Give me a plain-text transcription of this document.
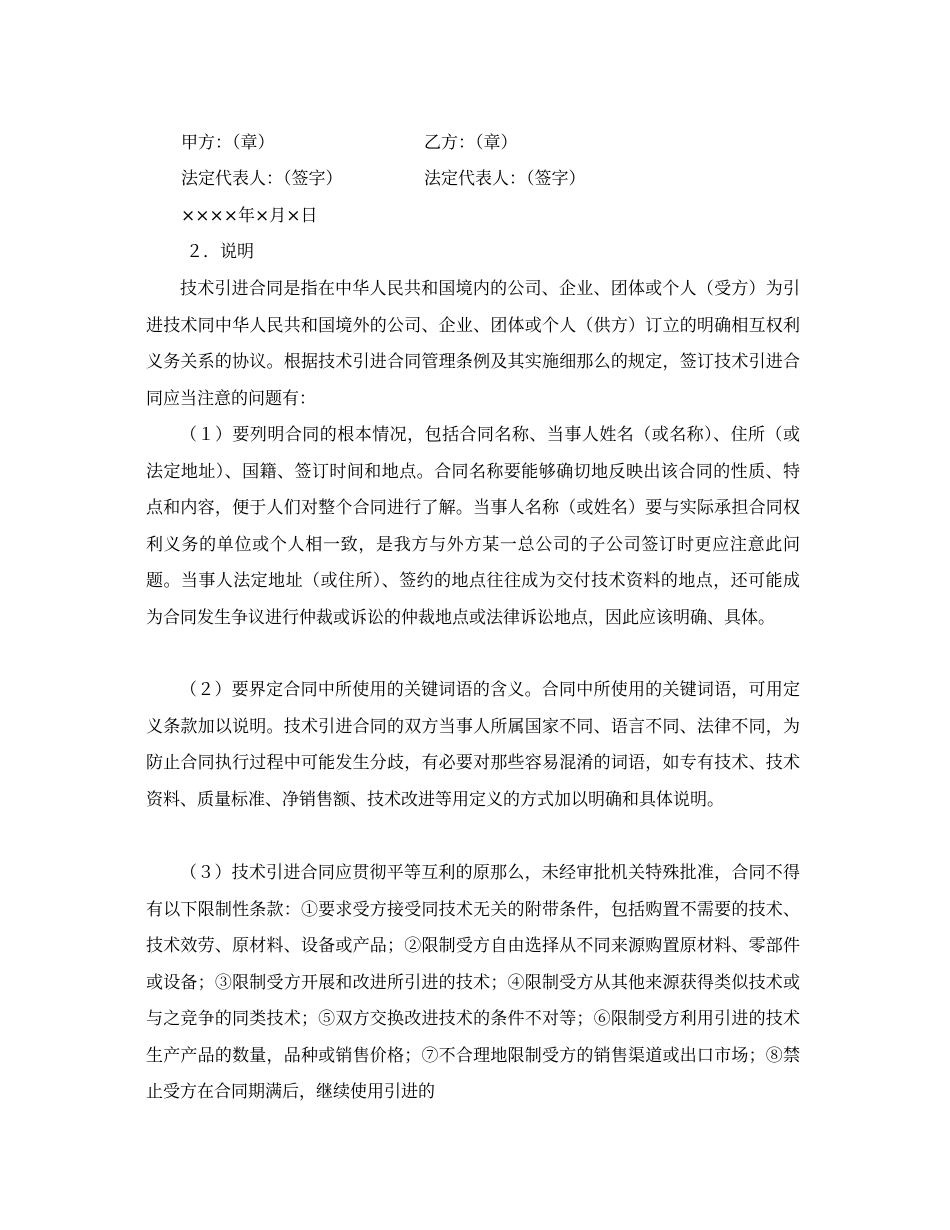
甲方：（章）	乙方：（章）
法定代表人：（签字）	法定代表人：（签字）
××××年×月×日
２．说明

技术引进合同是指在中华人民共和国境内的公司、企业、团体或个人（受方）为引进技术同中华人民共和国境外的公司、企业、团体或个人（供方）订立的明确相互权利义务关系的协议。根据技术引进合同管理条例及其实施细那么的规定，签订技术引进合同应当注意的问题有：

（１）要列明合同的根本情况，包括合同名称、当事人姓名（或名称）、住所（或法定地址）、国籍、签订时间和地点。合同名称要能够确切地反映出该合同的性质、特点和内容，便于人们对整个合同进行了解。当事人名称（或姓名）要与实际承担合同权利义务的单位或个人相一致，是我方与外方某一总公司的子公司签订时更应注意此问题。当事人法定地址（或住所）、签约的地点往往成为交付技术资料的地点，还可能成为合同发生争议进行仲裁或诉讼的仲裁地点或法律诉讼地点，因此应该明确、具体。

（２）要界定合同中所使用的关键词语的含义。合同中所使用的关键词语，可用定义条款加以说明。技术引进合同的双方当事人所属国家不同、语言不同、法律不同，为防止合同执行过程中可能发生分歧，有必要对那些容易混淆的词语，如专有技术、技术资料、质量标准、净销售额、技术改进等用定义的方式加以明确和具体说明。

（３）技术引进合同应贯彻平等互利的原那么，未经审批机关特殊批准，合同不得有以下限制性条款：①要求受方接受同技术无关的附带条件，包括购置不需要的技术、技术效劳、原材料、设备或产品；②限制受方自由选择从不同来源购置原材料、零部件或设备；③限制受方开展和改进所引进的技术；④限制受方从其他来源获得类似技术或与之竞争的同类技术；⑤双方交换改进技术的条件不对等；⑥限制受方利用引进的技术生产产品的数量，品种或销售价格；⑦不合理地限制受方的销售渠道或出口市场；⑧禁止受方在合同期满后，继续使用引进的
